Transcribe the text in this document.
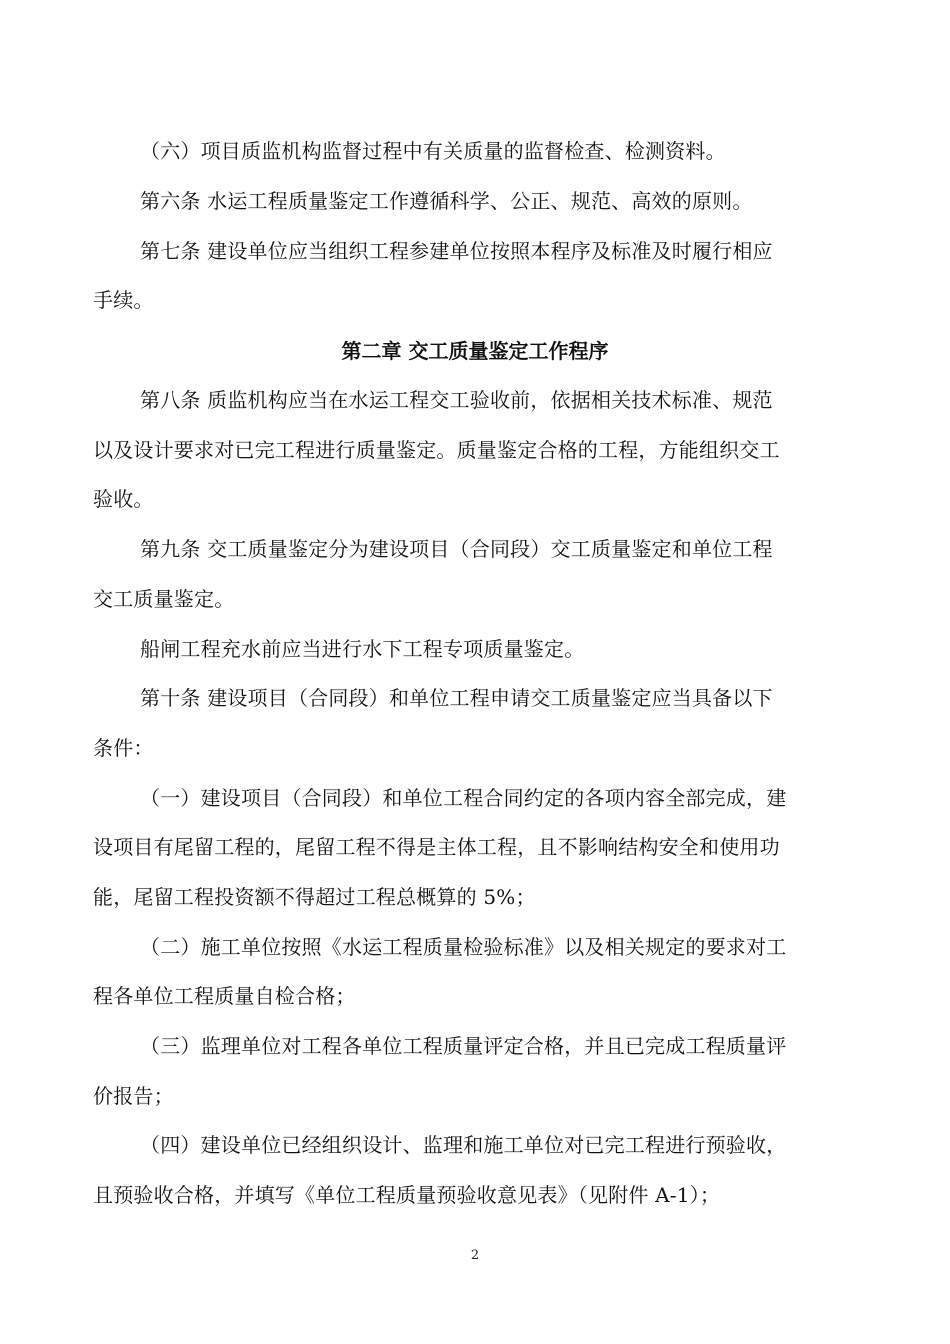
（六）项目质监机构监督过程中有关质量的监督检查、检测资料。
第六条 水运工程质量鉴定工作遵循科学、公正、规范、高效的原则。
第七条 建设单位应当组织工程参建单位按照本程序及标准及时履行相应
手续。
第二章 交工质量鉴定工作程序
第八条 质监机构应当在水运工程交工验收前，依据相关技术标准、规范
以及设计要求对已完工程进行质量鉴定。质量鉴定合格的工程，方能组织交工
验收。
第九条 交工质量鉴定分为建设项目（合同段）交工质量鉴定和单位工程
交工质量鉴定。
船闸工程充水前应当进行水下工程专项质量鉴定。
第十条 建设项目（合同段）和单位工程申请交工质量鉴定应当具备以下
条件：
（一）建设项目（合同段）和单位工程合同约定的各项内容全部完成，建
设项目有尾留工程的，尾留工程不得是主体工程，且不影响结构安全和使用功
能，尾留工程投资额不得超过工程总概算的 5%；
（二）施工单位按照《水运工程质量检验标准》以及相关规定的要求对工
程各单位工程质量自检合格；
（三）监理单位对工程各单位工程质量评定合格，并且已完成工程质量评
价报告；
（四）建设单位已经组织设计、监理和施工单位对已完工程进行预验收，
且预验收合格，并填写《单位工程质量预验收意见表》（见附件 A-1）；
2
